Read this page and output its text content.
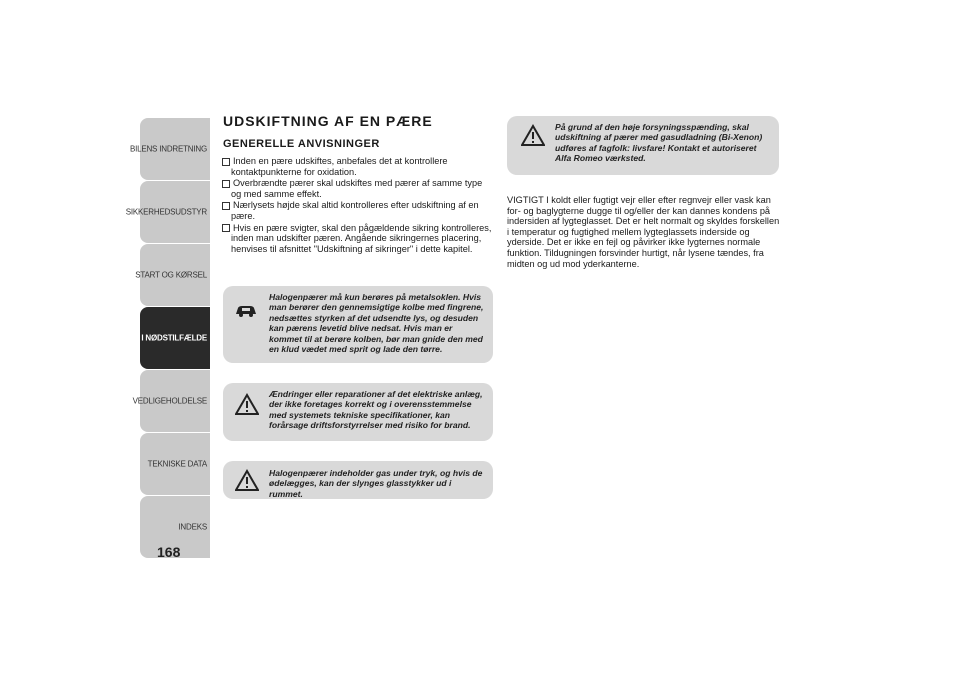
BILENS INDRETNING
SIKKERHEDSUDSTYR
START OG KØRSEL
I NØDSTILFÆLDE
VEDLIGEHOLDELSE
TEKNISKE DATA
INDEKS
168
UDSKIFTNING AF EN PÆRE
GENERELLE ANVISNINGER
Inden en pære udskiftes, anbefales det at kontrollere kontaktpunkterne for oxidation.
Overbrændte pærer skal udskiftes med pærer af samme type og med samme effekt.
Nærlysets højde skal altid kontrolleres efter udskiftning af en pære.
Hvis en pære svigter, skal den pågældende sikring kontrolleres, inden man udskifter pæren. Angående sikringernes placering, henvises til afsnittet "Udskiftning af sikringer" i dette kapitel.

Halogenpærer må kun berøres på metalsoklen. Hvis man berører den gennemsigtige kolbe med fingrene, nedsættes styrken af det udsendte lys, og desuden kan pærens levetid blive nedsat. Hvis man er kommet til at berøre kolben, bør man gnide den med en klud vædet med sprit og lade den tørre.

Ændringer eller reparationer af det elektriske anlæg, der ikke foretages korrekt og i overensstemmelse med systemets tekniske specifikationer, kan forårsage driftsforstyrrelser med risiko for brand.

Halogenpærer indeholder gas under tryk, og hvis de ødelægges, kan der slynges glasstykker ud i rummet.

På grund af den høje forsyningsspænding, skal udskiftning af pærer med gasudladning (Bi-Xenon) udføres af fagfolk: livsfare! Kontakt et autoriseret Alfa Romeo værksted.

VIGTIGT I koldt eller fugtigt vejr eller efter regnvejr eller vask kan for- og baglygterne dugge til og/eller der kan dannes kondens på indersiden af lygteglasset. Det er helt normalt og skyldes forskellen i temperatur og fugtighed mellem lygteglassets inderside og yderside. Det er ikke en fejl og påvirker ikke lygternes normale funktion. Tildugningen forsvinder hurtigt, når lysene tændes, fra midten og ud mod yderkanterne.
